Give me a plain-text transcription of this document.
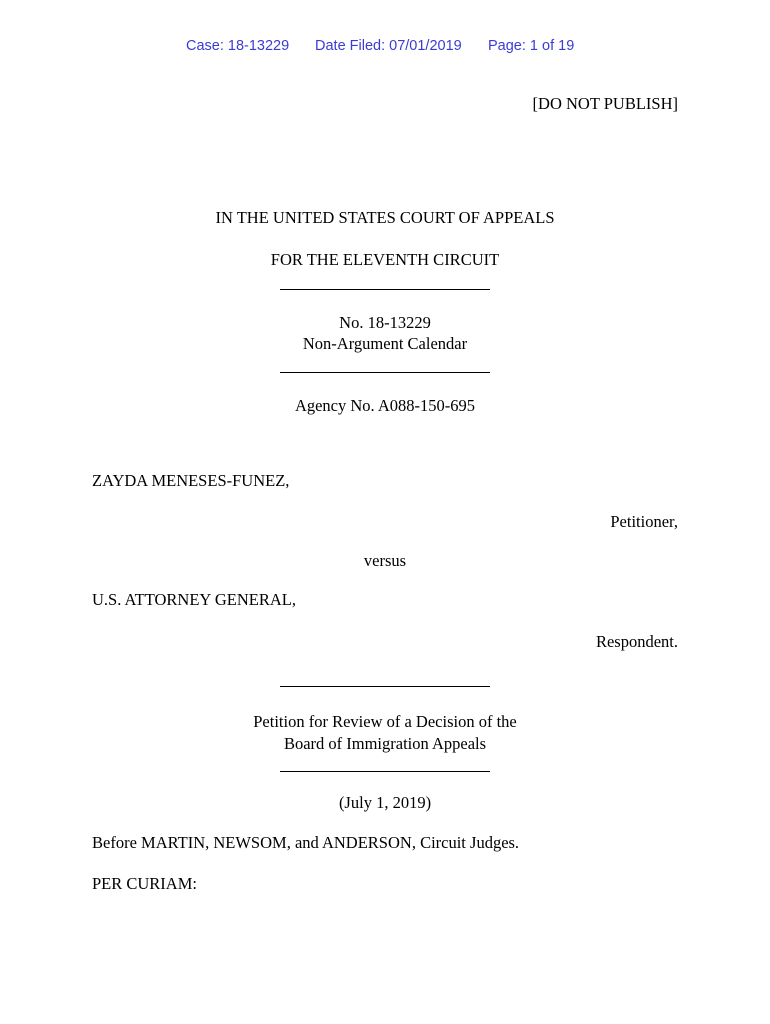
Case: 18-13229 Date Filed: 07/01/2019 Page: 1 of 19
[DO NOT PUBLISH]
IN THE UNITED STATES COURT OF APPEALS
FOR THE ELEVENTH CIRCUIT
No. 18-13229
Non-Argument Calendar
Agency No. A088-150-695
ZAYDA MENESES-FUNEZ,
Petitioner,
versus
U.S. ATTORNEY GENERAL,
Respondent.
Petition for Review of a Decision of the
Board of Immigration Appeals
(July 1, 2019)
Before MARTIN, NEWSOM, and ANDERSON, Circuit Judges.
PER CURIAM:
